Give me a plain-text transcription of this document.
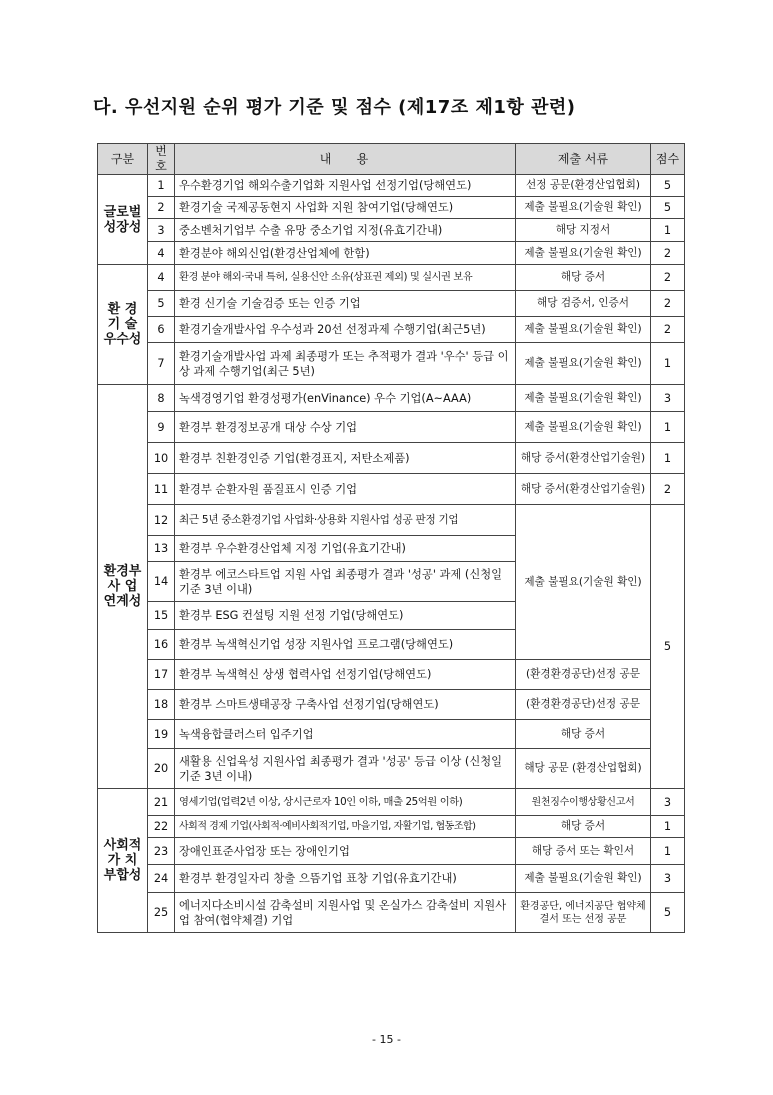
다. 우선지원 순위 평가 기준 및 점수 (제17조 제1항 관련)
구분	번호	내    용	제출 서류	점수
글로벌 성장성	1	우수환경기업 해외수출기업화 지원사업 선정기업(당해연도)	선정 공문(환경산업협회)	5
	2	환경기술 국제공동현지 사업화 지원 참여기업(당해연도)	제출 불필요(기술원 확인)	5
	3	중소벤처기업부 수출 유망 중소기업 지정(유효기간내)	해당 지정서	1
	4	환경분야 해외신업(환경산업체에 한함)	제출 불필요(기술원 확인)	2
환 경 기 술 우수성	4	환경 분야 해외·국내 특허, 실용신안 소유(상표권 제외) 및 실시권 보유	해당 증서	2
	5	환경 신기술 기술검증 또는 인증 기업	해당 검증서, 인증서	2
	6	환경기술개발사업 우수성과 20선 선정과제 수행기업(최근5년)	제출 불필요(기술원 확인)	2
	7	환경기술개발사업 과제 최종평가 또는 추적평가 결과 '우수' 등급 이상 과제 수행기업(최근 5년)	제출 불필요(기술원 확인)	1
환경부 사 업 연계성	8	녹색경영기업 환경성평가(enVinance) 우수 기업(A~AAA)	제출 불필요(기술원 확인)	3
	9	환경부 환경정보공개 대상 수상 기업	제출 불필요(기술원 확인)	1
	10	환경부 친환경인증 기업(환경표지, 저탄소제품)	해당 증서(환경산업기술원)	1
	11	환경부 순환자원 품질표시 인증 기업	해당 증서(환경산업기술원)	2
	12	최근 5년 중소환경기업 사업화·상용화 지원사업 성공 판정 기업	제출 불필요(기술원 확인)	5
	13	환경부 우수환경산업체 지정 기업(유효기간내)		
	14	환경부 에코스타트업 지원 사업 최종평가 결과 '성공' 과제 (신청일 기준 3년 이내)		
	15	환경부 ESG 컨설팅 지원 선정 기업(당해연도)		
	16	환경부 녹색혁신기업 성장 지원사업 프로그램(당해연도)		
	17	환경부 녹색혁신 상생 협력사업 선정기업(당해연도)	(환경환경공단)선정 공문	
	18	환경부 스마트생태공장 구축사업 선정기업(당해연도)	(환경환경공단)선정 공문	
	19	녹색융합클러스터 입주기업	해당 증서	
	20	새활용 신업육성 지원사업 최종평가 결과 '성공' 등급 이상 (신청일 기준 3년 이내)	해당 공문 (환경산업협회)	
사회적 가 치 부합성	21	영세기업(업력2년 이상, 상시근로자 10인 이하, 매출 25억원 이하)	원천징수이행상황신고서	3
	22	사회적 경제 기업(사회적·예비사회적기업, 마을기업, 자활기업, 협동조합)	해당 증서	1
	23	장애인표준사업장 또는 장애인기업	해당 증서 또는 확인서	1
	24	환경부 환경일자리 창출 으뜸기업 표창 기업(유효기간내)	제출 불필요(기술원 확인)	3
	25	에너지다소비시설 감축설비 지원사업 및 온실가스 감축설비 지원사업 참여(협약체결) 기업	환경공단, 에너지공단 협약체결서 또는 선정 공문	5
- 15 -
